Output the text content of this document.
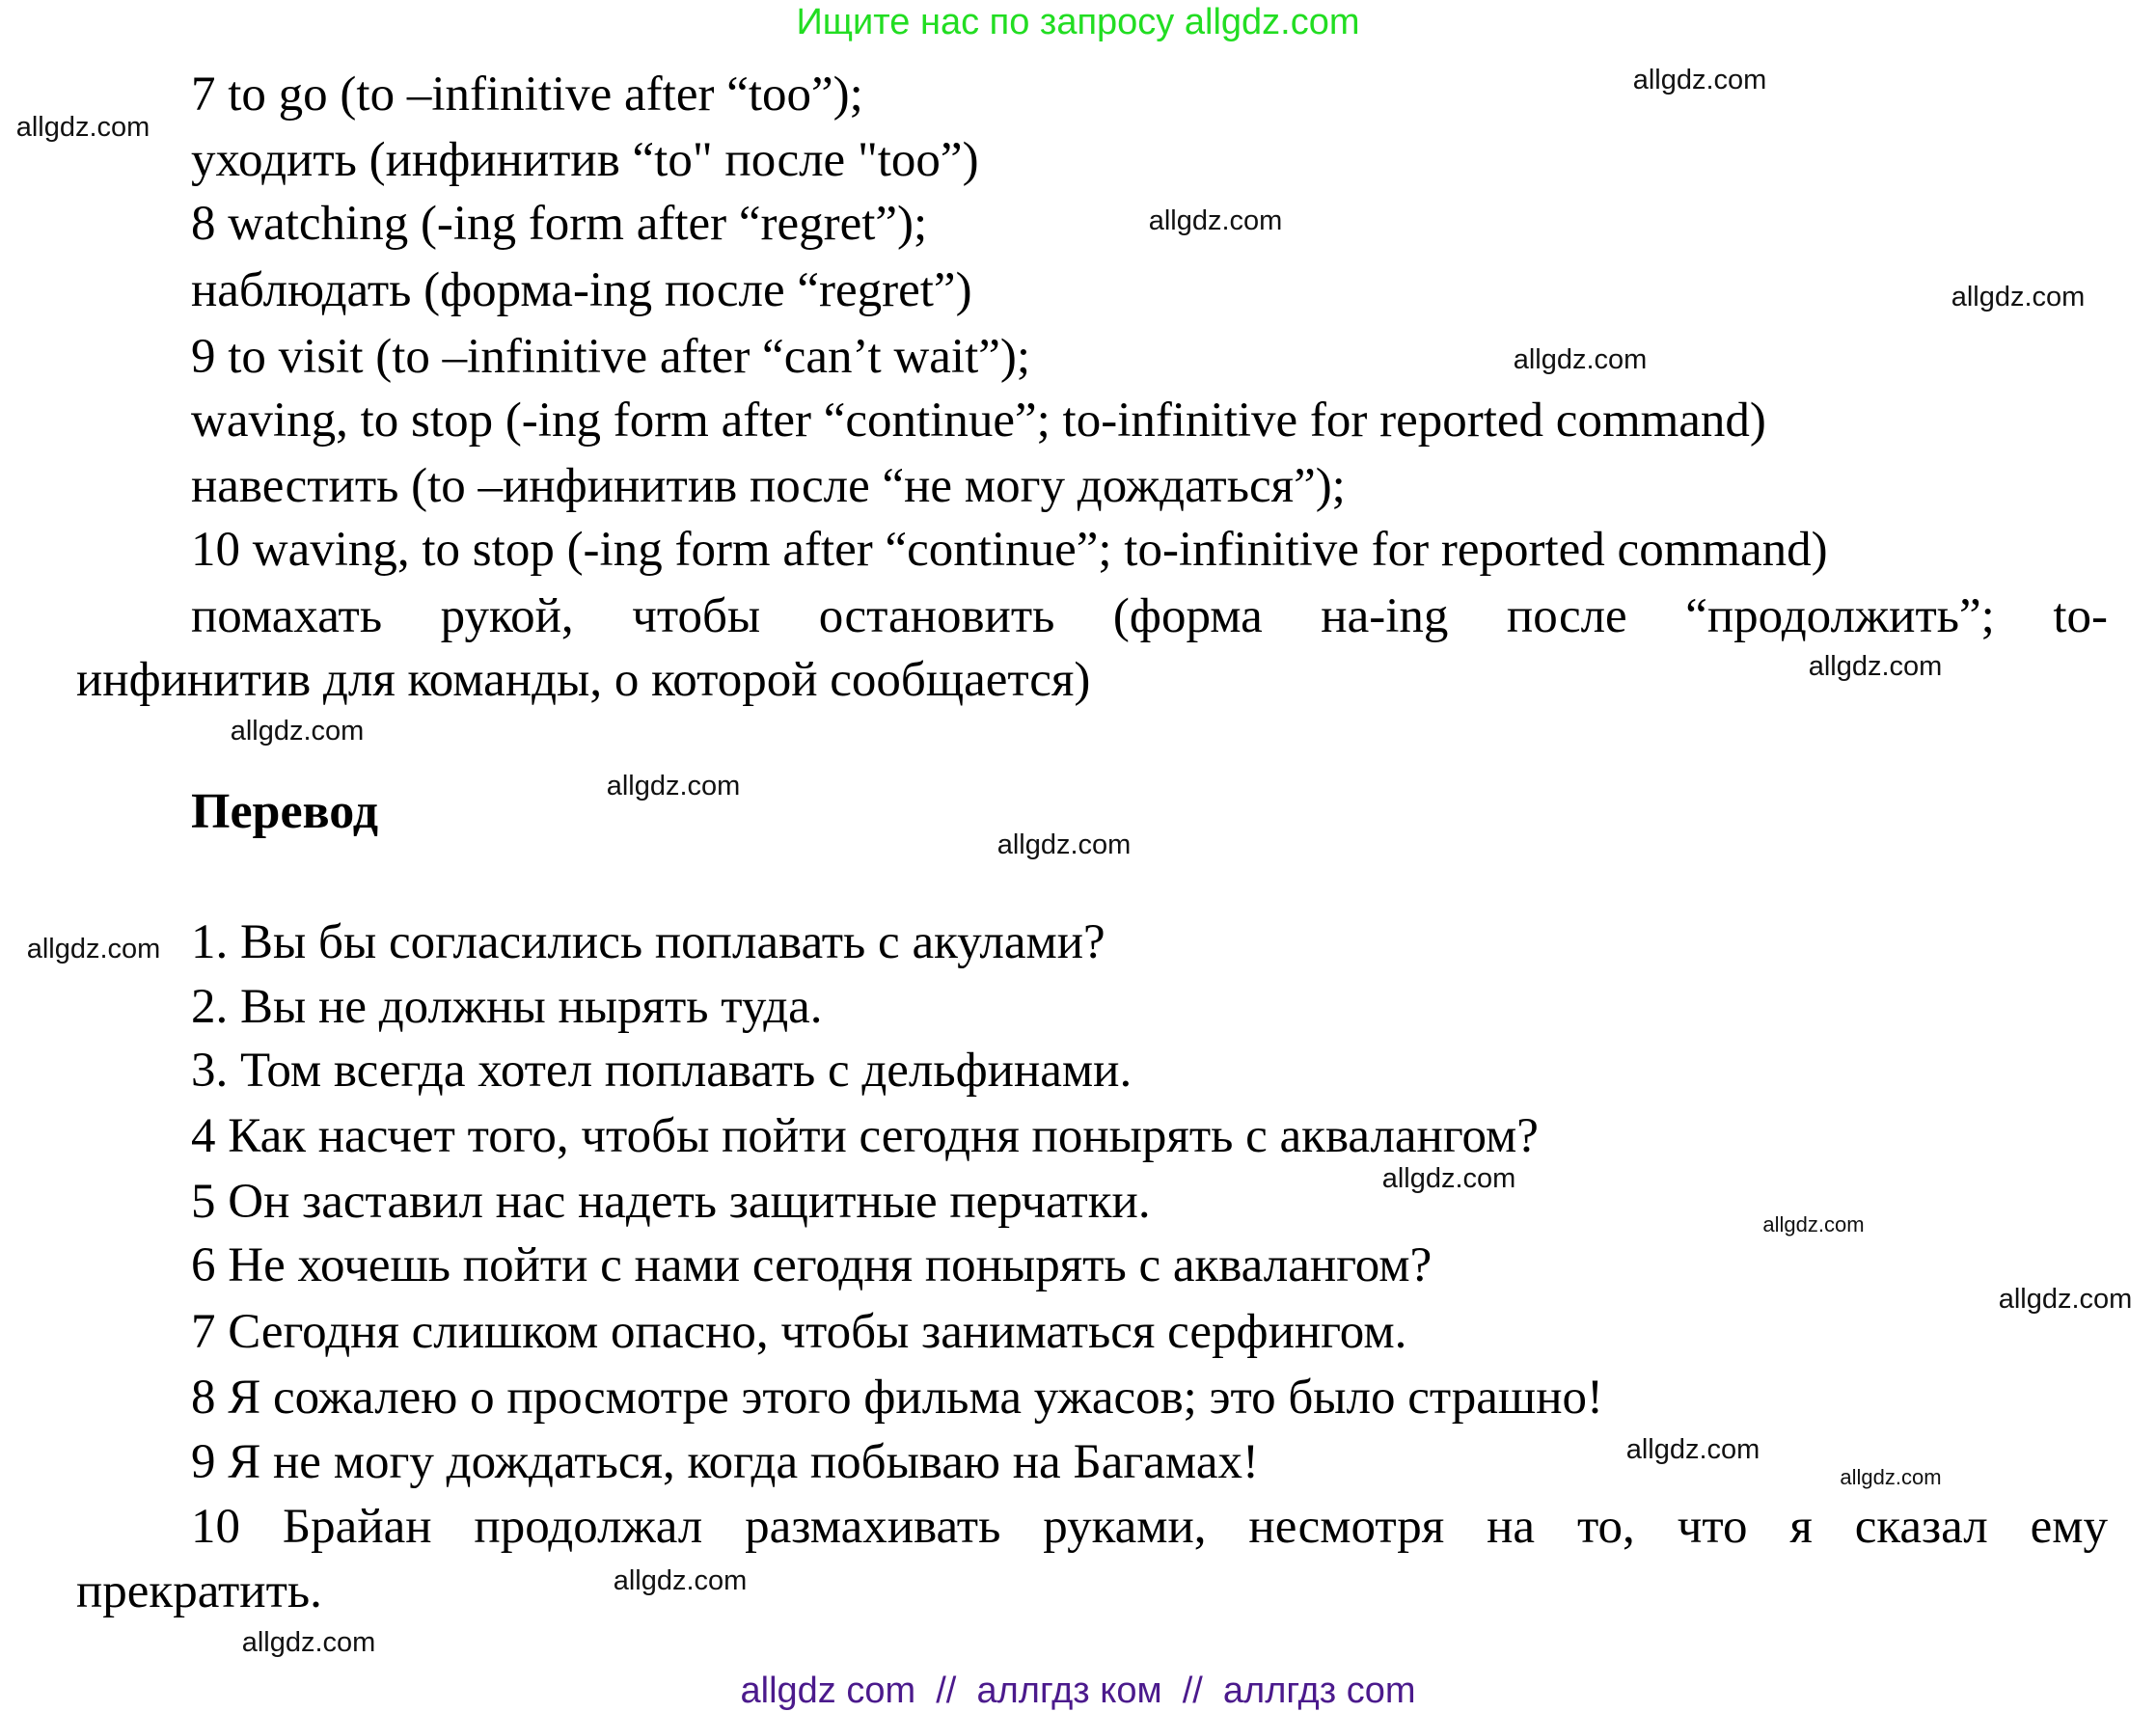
Ищите нас по запросу allgdz.com
7 to go (to –infinitive after “too”);
уходить (инфинитив “to" после "too”)
8 watching (-ing form after “regret”);
наблюдать (форма-ing после “regret”)
9 to visit (to –infinitive after “can’t wait”);
waving, to stop (-ing form after “continue”; to-infinitive for reported command)
навестить (to –инфинитив после “не могу дождаться”);
10 waving, to stop (-ing form after “continue”; to-infinitive for reported command)
помахать рукой, чтобы остановить (форма на-ing после “продолжить”; to-
инфинитив для команды, о которой сообщается)
Перевод
1. Вы бы согласились поплавать с акулами?
2. Вы не должны нырять туда.
3. Том всегда хотел поплавать с дельфинами.
4 Как насчет того, чтобы пойти сегодня понырять с аквалангом?
5 Он заставил нас надеть защитные перчатки.
6 Не хочешь пойти с нами сегодня понырять с аквалангом?
7 Сегодня слишком опасно, чтобы заниматься серфингом.
8 Я сожалею о просмотре этого фильма ужасов; это было страшно!
9 Я не могу дождаться, когда побываю на Багамах!
10 Брайан продолжал размахивать руками, несмотря на то, что я сказал ему
прекратить.
allgdz.com
allgdz.com
allgdz.com
allgdz.com
allgdz.com
allgdz.com
allgdz.com
allgdz.com
allgdz.com
allgdz.com
allgdz.com
allgdz.com
allgdz.com
allgdz.com
allgdz.com
allgdz.com
allgdz.com
allgdz com  //  аллгдз ком  //  аллгдз com
